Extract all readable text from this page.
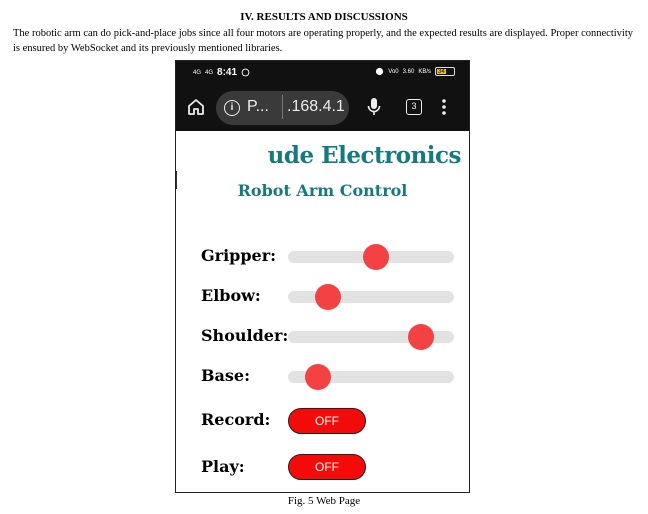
IV. RESULTS AND DISCUSSIONS
The robotic arm can do pick-and-place jobs since all four motors are operating properly, and the expected results are displayed. Proper connectivity is ensured by WebSocket and its previously mentioned libraries.
4G 4G 8:41	Vo0 3.60 KB/s 34
i P... .168.4.1	3
ude Electronics
Robot Arm Control
Gripper:
Elbow:
Shoulder:
Base:
Record:	OFF
Play:	OFF
Fig. 5 Web Page
